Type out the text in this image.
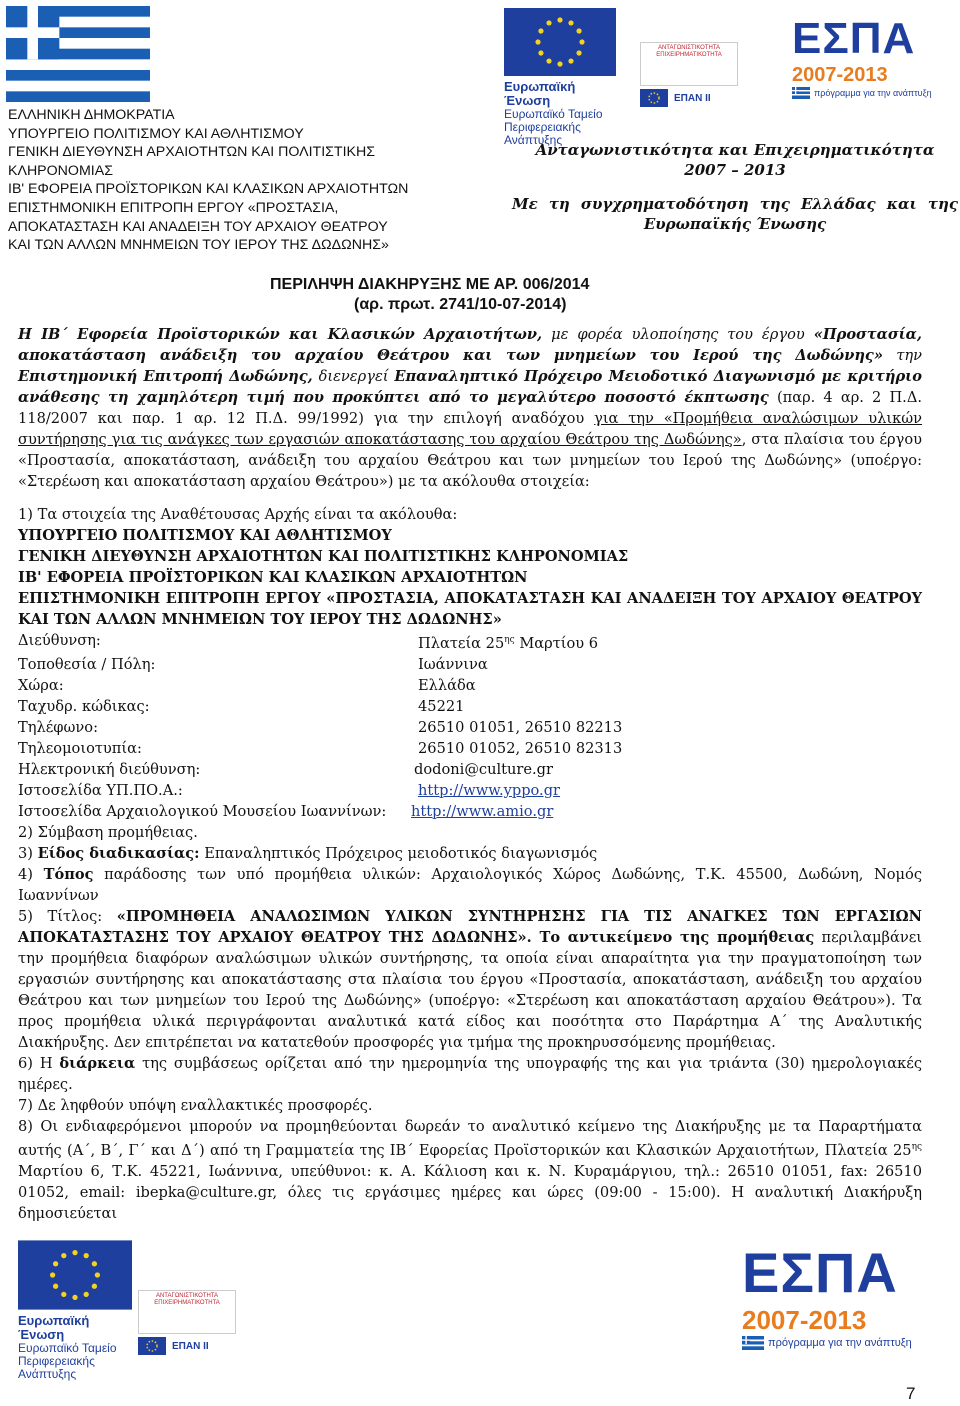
Ευρωπαϊκή Ένωση
Ευρωπαϊκό Ταμείο
Περιφερειακής Ανάπτυξης
ΑΝΤΑΓΩΝΙΣΤΙΚΟΤΗΤΑ ΕΠΙΧΕΙΡΗΜΑΤΙΚΟΤΗΤΑ
ΕΠΑΝ ΙΙ
ΕΣΠΑ
2007-2013
πρόγραμμα για την ανάπτυξη
ΕΛΛΗΝΙΚΗ ΔΗΜΟΚΡΑΤΙΑ
ΥΠΟΥΡΓΕΙΟ ΠΟΛΙΤΙΣΜΟΥ ΚΑΙ ΑΘΛΗΤΙΣΜΟΥ
ΓΕΝΙΚΗ ΔΙΕΥΘΥΝΣΗ ΑΡΧΑΙΟΤΗΤΩΝ ΚΑΙ ΠΟΛΙΤΙΣΤΙΚΗΣ
ΚΛΗΡΟΝΟΜΙΑΣ
ΙΒ' ΕΦΟΡΕΙΑ ΠΡΟΪΣΤΟΡΙΚΩΝ ΚΑΙ ΚΛΑΣΙΚΩΝ ΑΡΧΑΙΟΤΗΤΩΝ
ΕΠΙΣΤΗΜΟΝΙΚΗ ΕΠΙΤΡΟΠΗ ΕΡΓΟΥ «ΠΡΟΣΤΑΣΙΑ,
ΑΠΟΚΑΤΑΣΤΑΣΗ ΚΑΙ ΑΝΑΔΕΙΞΗ ΤΟΥ ΑΡΧΑΙΟΥ ΘΕΑΤΡΟΥ
ΚΑΙ ΤΩΝ ΑΛΛΩΝ ΜΝΗΜΕΙΩΝ ΤΟΥ ΙΕΡΟΥ ΤΗΣ ΔΩΔΩΝΗΣ»
Ανταγωνιστικότητα και Επιχειρηματικότητα
2007 – 2013
Με τη συγχρηματοδότηση της Ελλάδας και της
Ευρωπαϊκής Ένωσης
ΠΕΡΙΛΗΨΗ ΔΙΑΚΗΡΥΞΗΣ ΜΕ ΑΡ. 006/2014
(αρ. πρωτ. 2741/10-07-2014)

Η ΙΒ΄ Εφορεία Προϊστορικών και Κλασικών Αρχαιοτήτων, με φορέα υλοποίησης του έργου «Προστασία, αποκατάσταση ανάδειξη του αρχαίου Θεάτρου και των μνημείων του Ιερού της Δωδώνης» την Επιστημονική Επιτροπή Δωδώνης, διενεργεί Επαναληπτικό Πρόχειρο Μειοδοτικό Διαγωνισμό με κριτήριο ανάθεσης τη χαμηλότερη τιμή που προκύπτει από το μεγαλύτερο ποσοστό έκπτωσης (παρ. 4 αρ. 2 Π.Δ. 118/2007 και παρ. 1 αρ. 12 Π.Δ. 99/1992) για την επιλογή αναδόχου για την «Προμήθεια αναλώσιμων υλικών συντήρησης για τις ανάγκες των εργασιών αποκατάστασης του αρχαίου Θεάτρου της Δωδώνης», στα πλαίσια του έργου «Προστασία, αποκατάσταση, ανάδειξη του αρχαίου Θεάτρου και των μνημείων του Ιερού της Δωδώνης» (υποέργο: «Στερέωση και αποκατάσταση αρχαίου Θεάτρου») με τα ακόλουθα στοιχεία:

1) Τα στοιχεία της Αναθέτουσας Αρχής είναι τα ακόλουθα:

ΥΠΟΥΡΓΕΙΟ ΠΟΛΙΤΙΣΜΟΥ ΚΑΙ ΑΘΛΗΤΙΣΜΟΥ

ΓΕΝΙΚΗ ΔΙΕΥΘΥΝΣΗ ΑΡΧΑΙΟΤΗΤΩΝ ΚΑΙ ΠΟΛΙΤΙΣΤΙΚΗΣ ΚΛΗΡΟΝΟΜΙΑΣ

ΙΒ' ΕΦΟΡΕΙΑ ΠΡΟΪΣΤΟΡΙΚΩΝ ΚΑΙ ΚΛΑΣΙΚΩΝ ΑΡΧΑΙΟΤΗΤΩΝ

ΕΠΙΣΤΗΜΟΝΙΚΗ ΕΠΙΤΡΟΠΗ ΕΡΓΟΥ «ΠΡΟΣΤΑΣΙΑ, ΑΠΟΚΑΤΑΣΤΑΣΗ ΚΑΙ ΑΝΑΔΕΙΞΗ ΤΟΥ ΑΡΧΑΙΟΥ ΘΕΑΤΡΟΥ ΚΑΙ ΤΩΝ ΑΛΛΩΝ ΜΝΗΜΕΙΩΝ ΤΟΥ ΙΕΡΟΥ ΤΗΣ ΔΩΔΩΝΗΣ»

Διεύθυνση:	Πλατεία $25^{\eta\varsigma}$ Μαρτίου 6
Τοποθεσία / Πόλη:	Ιωάννινα
Χώρα:	Ελλάδα
Ταχυδρ. κώδικας:	45221
Τηλέφωνο:	26510 01051, 26510 82213
Τηλεομοιοτυπία:	26510 01052, 26510 82313
Ηλεκτρονική διεύθυνση:	dodoni@culture.gr
Ιστοσελίδα ΥΠ.ΠΟ.Α.:	http://www.yppo.gr
Ιστοσελίδα Αρχαιολογικού Μουσείου Ιωαννίνων:	http://www.amio.gr

2) Σύμβαση προμήθειας.

3) Είδος διαδικασίας: Επαναληπτικός Πρόχειρος μειοδοτικός διαγωνισμός

4) Τόπος παράδοσης των υπό προμήθεια υλικών: Αρχαιολογικός Χώρος Δωδώνης, Τ.Κ. 45500, Δωδώνη, Νομός Ιωαννίνων

5) Τίτλος: «ΠΡΟΜΗΘΕΙΑ ΑΝΑΛΩΣΙΜΩΝ ΥΛΙΚΩΝ ΣΥΝΤΗΡΗΣΗΣ ΓΙΑ ΤΙΣ ΑΝΑΓΚΕΣ ΤΩΝ ΕΡΓΑΣΙΩΝ ΑΠΟΚΑΤΑΣΤΑΣΗΣ ΤΟΥ ΑΡΧΑΙΟΥ ΘΕΑΤΡΟΥ ΤΗΣ ΔΩΔΩΝΗΣ». Το αντικείμενο της προμήθειας περιλαμβάνει την προμήθεια διαφόρων αναλώσιμων υλικών συντήρησης, τα οποία είναι απαραίτητα για την πραγματοποίηση των εργασιών συντήρησης και αποκατάστασης στα πλαίσια του έργου «Προστασία, αποκατάσταση, ανάδειξη του αρχαίου Θεάτρου και των μνημείων του Ιερού της Δωδώνης» (υποέργο: «Στερέωση και αποκατάσταση αρχαίου Θεάτρου»). Τα προς προμήθεια υλικά περιγράφονται αναλυτικά κατά είδος και ποσότητα στο Παράρτημα Α΄ της Αναλυτικής Διακήρυξης. Δεν επιτρέπεται να κατατεθούν προσφορές για τμήμα της προκηρυσσόμενης προμήθειας.

6) Η διάρκεια της συμβάσεως ορίζεται από την ημερομηνία της υπογραφής της και για τριάντα (30) ημερολογιακές ημέρες.

7) Δε ληφθούν υπόψη εναλλακτικές προσφορές.

8) Οι ενδιαφερόμενοι μπορούν να προμηθεύονται δωρεάν το αναλυτικό κείμενο της Διακήρυξης με τα Παραρτήματα αυτής (Α΄, Β΄, Γ΄ και Δ΄) από τη Γραμματεία της ΙΒ΄ Εφορείας Προϊστορικών και Κλασικών Αρχαιοτήτων, Πλατεία $25^{\eta\varsigma}$ Μαρτίου 6, Τ.Κ. 45221, Ιωάννινα, υπεύθυνοι: κ. Α. Κάλιοση και κ. Ν. Κυραμάργιου, τηλ.: 26510 01051, fax: 26510 01052, email: ibepka@culture.gr, όλες τις εργάσιμες ημέρες και ώρες (09:00 - 15:00). Η αναλυτική Διακήρυξη δημοσιεύεται

Ευρωπαϊκή Ένωση
Ευρωπαϊκό Ταμείο
Περιφερειακής Ανάπτυξης
ΑΝΤΑΓΩΝΙΣΤΙΚΟΤΗΤΑ ΕΠΙΧΕΙΡΗΜΑΤΙΚΟΤΗΤΑ
ΕΠΑΝ ΙΙ
ΕΣΠΑ
2007-2013
πρόγραμμα για την ανάπτυξη
7
